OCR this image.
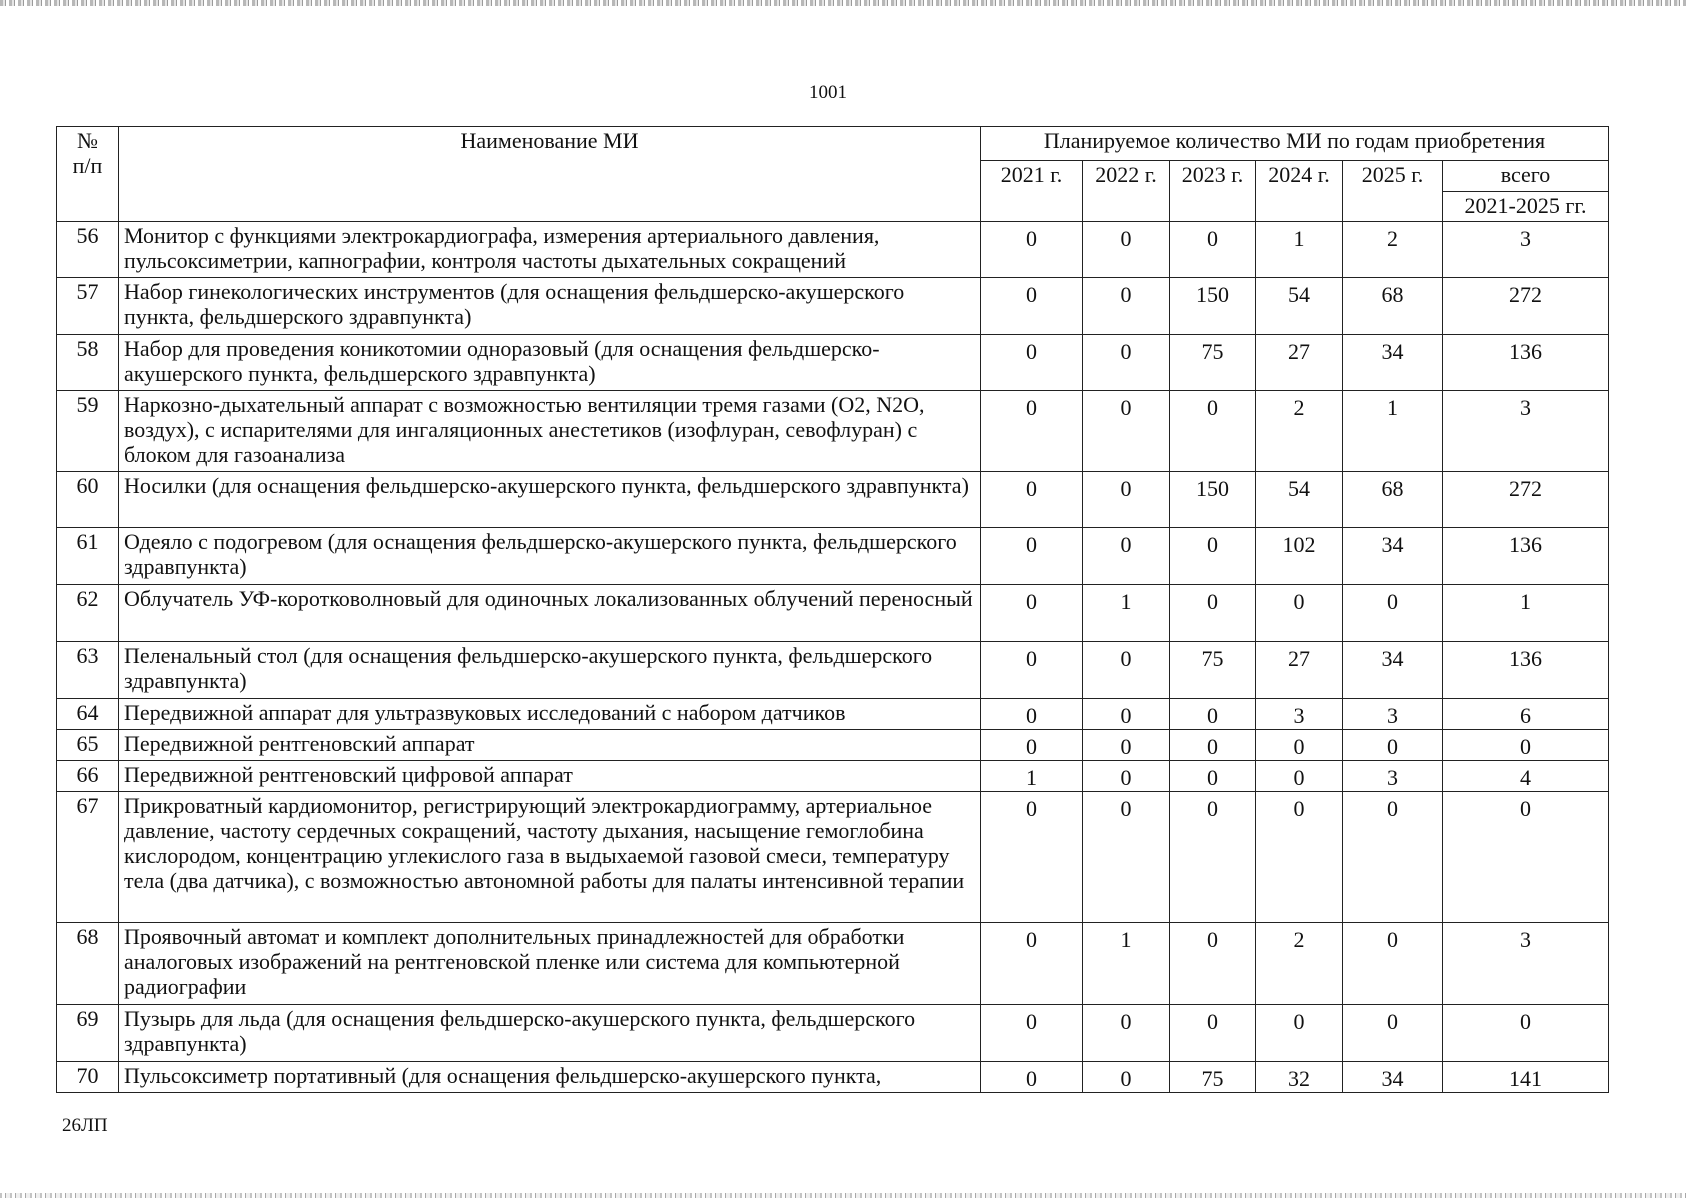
1001
№
п/п	Наименование МИ	Планируемое количество МИ по годам приобретения					
		2021 г.	2022 г.	2023 г.	2024 г.	2025 г.	всего
							2021-2025 гг.
56	Монитор с функциями электрокардиографа, измерения артериального давления, пульсоксиметрии, капнографии, контроля частоты дыхательных сокращений	0	0	0	1	2	3
57	Набор гинекологических инструментов (для оснащения фельдшерско-акушерского пункта, фельдшерского здравпункта)	0	0	150	54	68	272
58	Набор для проведения коникотомии одноразовый (для оснащения фельдшерско-акушерского пункта, фельдшерского здравпункта)	0	0	75	27	34	136
59	Наркозно-дыхательный аппарат с возможностью вентиляции тремя газами (О2, N2O, воздух), с испарителями для ингаляционных анестетиков (изофлуран, севофлуран) с блоком для газоанализа	0	0	0	2	1	3
60	Носилки (для оснащения фельдшерско-акушерского пункта, фельдшерского здравпункта)	0	0	150	54	68	272
61	Одеяло с подогревом (для оснащения фельдшерско-акушерского пункта, фельдшерского здравпункта)	0	0	0	102	34	136
62	Облучатель УФ-коротковолновый для одиночных локализованных облучений переносный	0	1	0	0	0	1
63	Пеленальный стол (для оснащения фельдшерско-акушерского пункта, фельдшерского здравпункта)	0	0	75	27	34	136
64	Передвижной аппарат для ультразвуковых исследований с набором датчиков	0	0	0	3	3	6
65	Передвижной рентгеновский аппарат	0	0	0	0	0	0
66	Передвижной рентгеновский цифровой аппарат	1	0	0	0	3	4
67	Прикроватный кардиомонитор, регистрирующий электрокардиограмму, артериальное давление, частоту сердечных сокращений, частоту дыхания, насыщение гемоглобина кислородом, концентрацию углекислого газа в выдыхаемой газовой смеси, температуру тела (два датчика), с возможностью автономной работы для палаты интенсивной терапии	0	0	0	0	0	0
68	Проявочный автомат и комплект дополнительных принадлежностей для обработки аналоговых изображений на рентгеновской пленке или система для компьютерной радиографии	0	1	0	2	0	3
69	Пузырь для льда (для оснащения фельдшерско-акушерского пункта, фельдшерского здравпункта)	0	0	0	0	0	0
70	Пульсоксиметр портативный (для оснащения фельдшерско-акушерского пункта,	0	0	75	32	34	141
26ЛП
